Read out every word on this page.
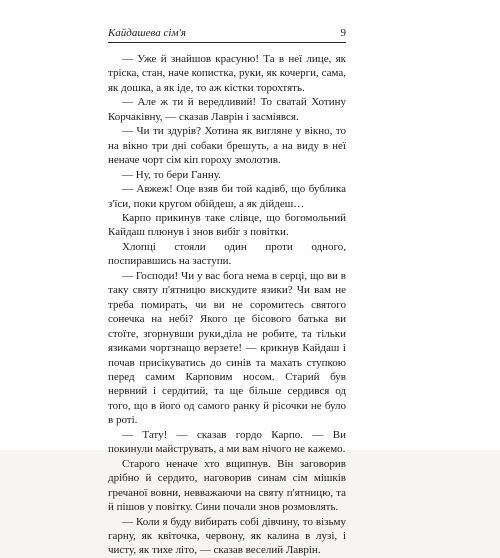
Кайдашева сім'я	9

— Уже й знайшов красуню! Та в неї лице, як тріска, стан, наче копистка, руки, як кочерги, сама, як дошка, а як іде, то аж кістки торохтять.

— Але ж ти й вередливий! То сватай Хотину Корчаківну, — сказав Лаврін і засміявся.

— Чи ти здурів? Хотина як вигляне у вікно, то на вікно три дні собаки брешуть, а на виду в неї неначе чорт сім кіп гороху змолотив.

— Ну, то бери Ганну.

— Авжеж! Оце взяв би той кадівб, що бублика з'їси, поки кругом обійдеш, а як дійдеш…

Карпо прикинув таке слівце, що богомольний Кайдаш плюнув і знов вибіг з повітки.

Хлопці стояли один проти одного, поспиравшись на заступи.

— Господи! Чи у вас бога нема в серці, що ви в таку святу п'ятницю вискудите язики? Чи вам не треба помирать, чи ви не соромитесь святого сонечка на небі? Якого це бісового батька ви стоїте, згорнувши руки,діла не робите, та тільки язиками чортзнащо верзете! — крикнув Кайдаш і почав присікуватись до синів та махать ступкою перед самим Карповим носом. Старий був нервний і сердитий, та ще більше сердився од того, що в його од самого ранку й рісочки не було в роті.

— Тату! — сказав гордо Карпо. — Ви покинули майструвать, а ми вам нічого не кажемо.

Старого неначе хто вщипнув. Він заговорив дрібно й сердито, наговорив синам сім мішків гречаної вовни, невважаючи на святу п'ятницю, та й пішов у повітку. Сини почали знов розмовлять.

— Коли я буду вибирать собі дівчину, то візьму гарну, як квіточка, червону, як калина в лузі, і чисту, як тихе літо, — сказав веселий Лаврін.
